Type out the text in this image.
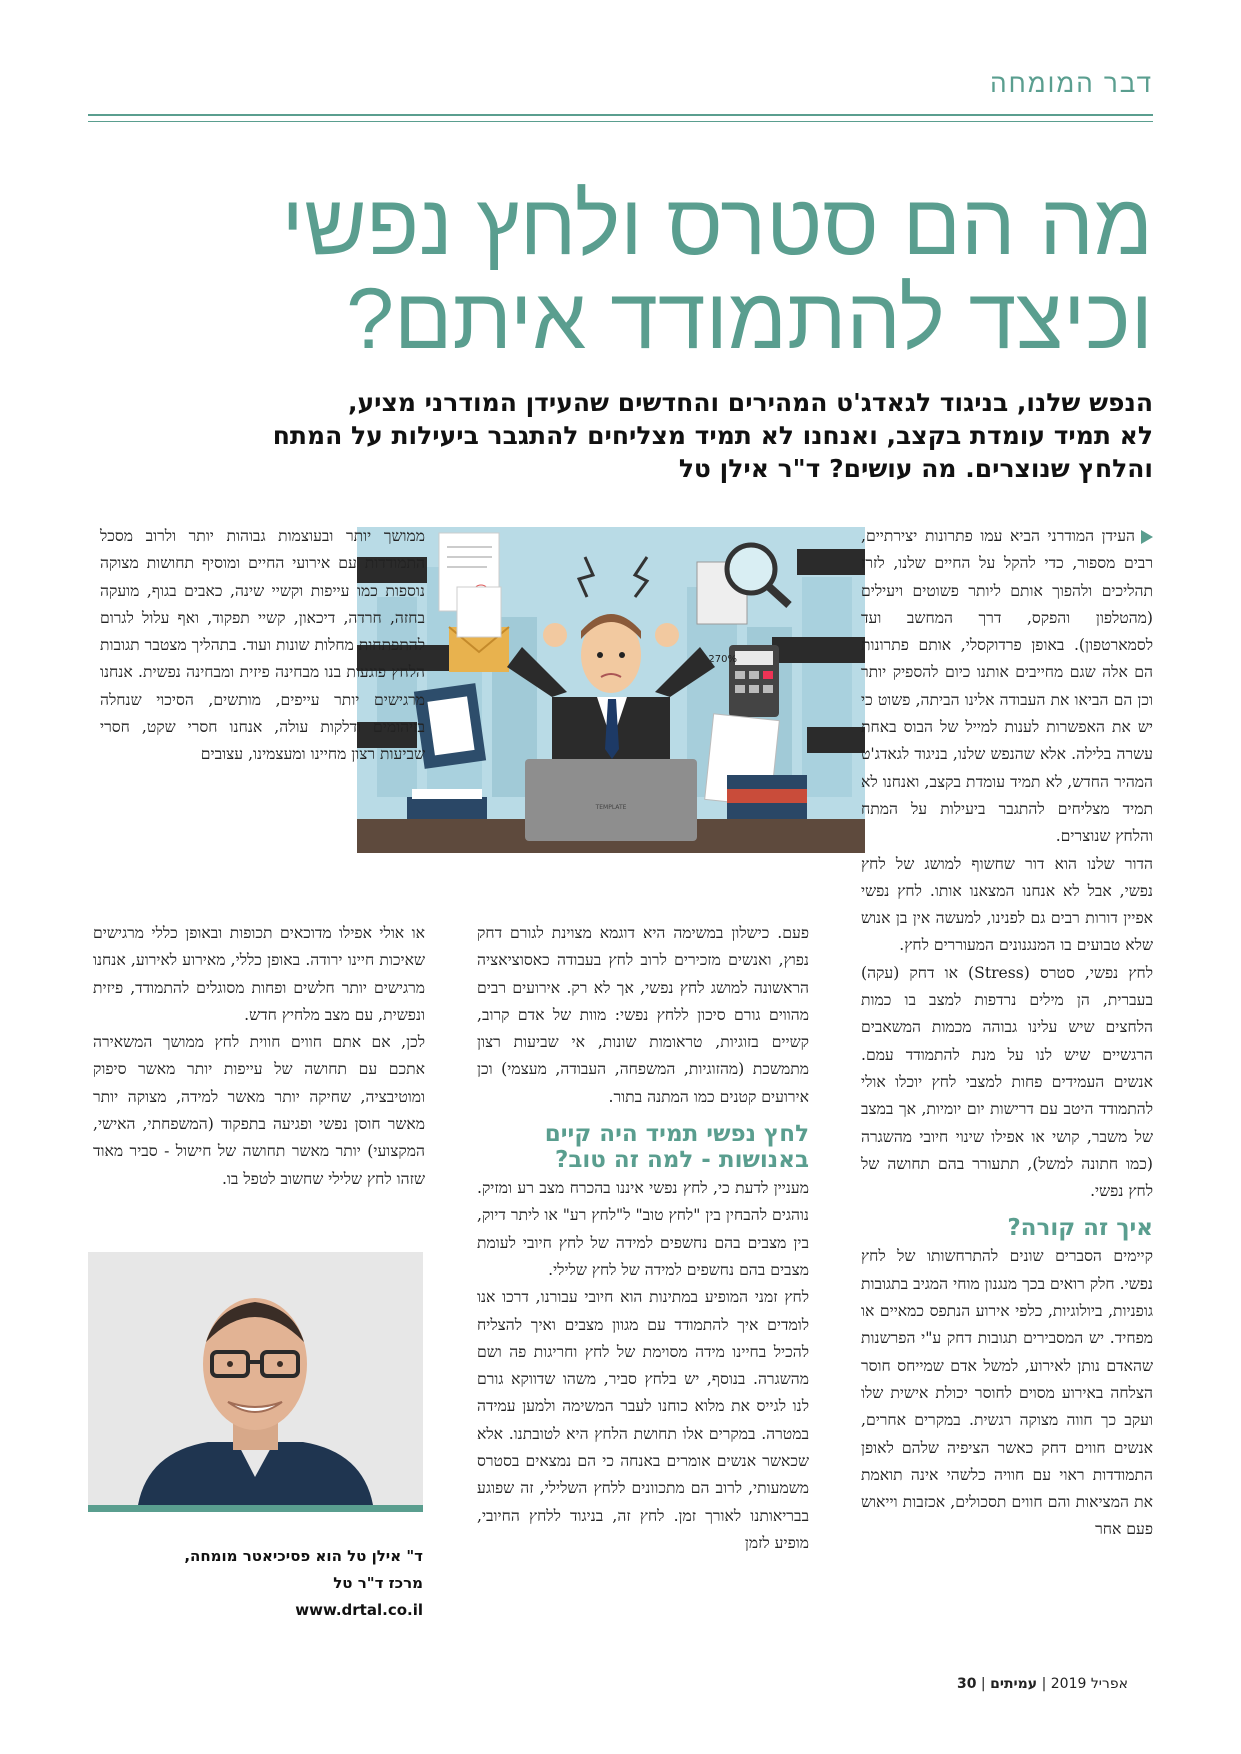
דבר המומחה
מה הם סטרס ולחץ נפשי
וכיצד להתמודד איתם?
הנפש שלנו, בניגוד לגאדג'ט המהירים והחדשים שהעידן המודרני מציע,
לא תמיד עומדת בקצב, ואנחנו לא תמיד מצליחים להתגבר ביעילות על המתח
והלחץ שנוצרים. מה עושים? ד"ר אילן טל
270%
TEMPLATE

העידן המודרני הביא עמו פתרונות יצירתיים, רבים מספור, כדי להקל על החיים שלנו, לזרז תהליכים ולהפוך אותם ליותר פשוטים ויעילים (מהטלפון והפקס, דרך המחשב ועד לסמארטפון). באופן פרדוקסלי, אותם פתרונות הם אלה שגם מחייבים אותנו כיום להספיק יותר וכן הם הביאו את העבודה אלינו הביתה, פשוט כי יש את האפשרות לענות למייל של הבוס באחת עשרה בלילה. אלא שהנפש שלנו, בניגוד לגאדג'ט המהיר החדש, לא תמיד עומדת בקצב, ואנחנו לא תמיד מצליחים להתגבר ביעילות על המתח והלחץ שנוצרים.

הדור שלנו הוא דור שחשוף למושג של לחץ נפשי, אבל לא אנחנו המצאנו אותו. לחץ נפשי אפיין דורות רבים גם לפנינו, למעשה אין בן אנוש שלא טבועים בו המנגנונים המעוררים לחץ.

לחץ נפשי, סטרס (Stress) או דחק (עקה) בעברית, הן מילים נרדפות למצב בו כמות הלחצים שיש עלינו גבוהה מכמות המשאבים הרגשיים שיש לנו על מנת להתמודד עמם. אנשים העמידים פחות למצבי לחץ יוכלו אולי להתמודד היטב עם דרישות יום יומיות, אך במצב של משבר, קושי או אפילו שינוי חיובי מהשגרה (כמו חתונה למשל), תתעורר בהם תחושה של לחץ נפשי.

איך זה קורה?

קיימים הסברים שונים להתרחשותו של לחץ נפשי. חלק רואים בכך מנגנון מוחי המגיב בתגובות גופניות, ביולוגיות, כלפי אירוע הנתפס כמאיים או מפחיד. יש המסבירים תגובות דחק ע"י הפרשנות שהאדם נותן לאירוע, למשל אדם שמייחס חוסר הצלחה באירוע מסוים לחוסר יכולת אישית שלו ועקב כך חווה מצוקה רגשית. במקרים אחרים, אנשים חווים דחק כאשר הציפיה שלהם לאופן התמודדות ראוי עם חוויה כלשהי אינה תואמת את המציאות והם חווים תסכולים, אכזבות וייאוש פעם אחר

פעם. כישלון במשימה היא דוגמא מצוינת לגורם דחק נפוץ, ואנשים מזכירים לרוב לחץ בעבודה כאסוציאציה הראשונה למושג לחץ נפשי, אך לא רק. אירועים רבים מהווים גורם סיכון ללחץ נפשי: מוות של אדם קרוב, קשיים בזוגיות, טראומות שונות, אי שביעות רצון מתמשכת (מהזוגיות, המשפחה, העבודה, מעצמי) וכן אירועים קטנים כמו המתנה בתור.

לחץ נפשי תמיד היה קיים באנושות - למה זה טוב?

מעניין לדעת כי, לחץ נפשי איננו בהכרח מצב רע ומזיק. נוהגים להבחין בין "לחץ טוב" ל"לחץ רע" או ליתר דיוק, בין מצבים בהם נחשפים למידה של לחץ חיובי לעומת מצבים בהם נחשפים למידה של לחץ שלילי.

לחץ זמני המופיע במתינות הוא חיובי עבורנו, דרכו אנו לומדים איך להתמודד עם מגוון מצבים ואיך להצליח להכיל בחיינו מידה מסוימת של לחץ וחריגות פה ושם מהשגרה. בנוסף, יש בלחץ סביר, משהו שדווקא גורם לנו לגייס את מלוא כוחנו לעבר המשימה ולמען עמידה במטרה. במקרים אלו תחושת הלחץ היא לטובתנו. אלא שכאשר אנשים אומרים באנחה כי הם נמצאים בסטרס משמעותי, לרוב הם מתכוונים ללחץ השלילי, זה שפוגע בבריאותנו לאורך זמן. לחץ זה, בניגוד ללחץ החיובי, מופיע לזמן

ממושך יותר ובעוצמות גבוהות יותר ולרוב מסכל התמודדות עם אירועי החיים ומוסיף תחושות מצוקה נוספות כמו עייפות וקשיי שינה, כאבים בגוף, מועקה בחזה, חרדה, דיכאון, קשיי תפקוד, ואף עלול לגרום להתפתחות מחלות שונות ועוד. בתהליך מצטבר תגובות הלחץ פוגעות בנו מבחינה פיזית ומבחינה נפשית. אנחנו מרגישים יותר עייפים, מותשים, הסיכוי שנחלה בזיהומים ודלקות עולה, אנחנו חסרי שקט, חסרי שביעות רצון מחיינו ומעצמינו, עצובים

או אולי אפילו מדוכאים תכופות ובאופן כללי מרגישים שאיכות חיינו ירודה. באופן כללי, מאירוע לאירוע, אנחנו מרגישים יותר חלשים ופחות מסוגלים להתמודד, פיזית ונפשית, עם מצב מלחיץ חדש.

לכן, אם אתם חווים חווית לחץ ממושך המשאירה אתכם עם תחושה של עייפות יותר מאשר סיפוק ומוטיבציה, שחיקה יותר מאשר למידה, מצוקה יותר מאשר חוסן נפשי ופגיעה בתפקוד (המשפחתי, האישי, המקצועי) יותר מאשר תחושה של חישול - סביר מאוד שזהו לחץ שלילי שחשוב לטפל בו.

ד" אילן טל הוא פסיכיאטר מומחה,
מרכז ד"ר טל
www.drtal.co.il
אפריל 2019 | עמיתים | 30
